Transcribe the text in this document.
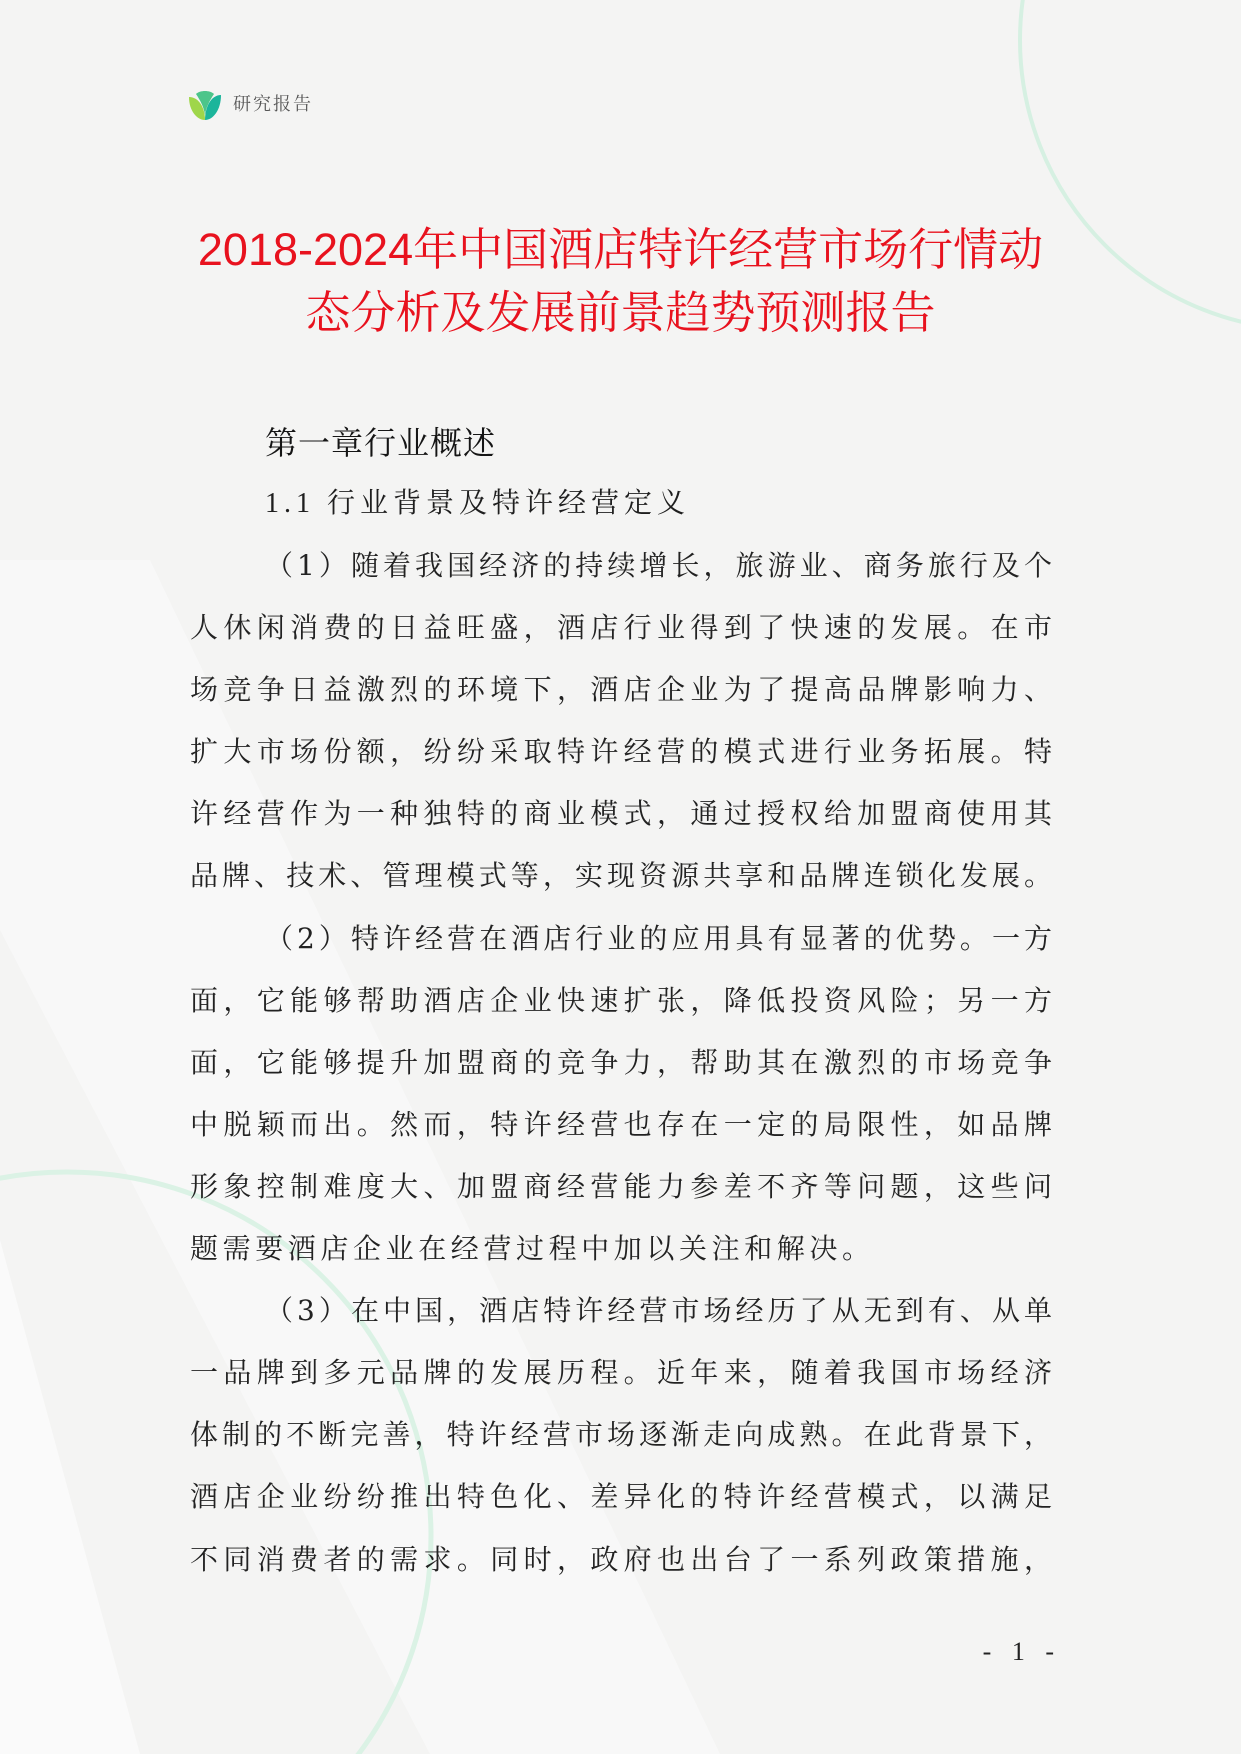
研究报告
2018-2024年中国酒店特许经营市场行情动
态分析及发展前景趋势预测报告
第一章行业概述
1.1 行业背景及特许经营定义
（1）随着我国经济的持续增长，旅游业、商务旅行及个
人休闲消费的日益旺盛，酒店行业得到了快速的发展。在市
场竞争日益激烈的环境下，酒店企业为了提高品牌影响力、
扩大市场份额，纷纷采取特许经营的模式进行业务拓展。特
许经营作为一种独特的商业模式，通过授权给加盟商使用其
品牌、技术、管理模式等，实现资源共享和品牌连锁化发展。
（2）特许经营在酒店行业的应用具有显著的优势。一方
面，它能够帮助酒店企业快速扩张，降低投资风险；另一方
面，它能够提升加盟商的竞争力，帮助其在激烈的市场竞争
中脱颖而出。然而，特许经营也存在一定的局限性，如品牌
形象控制难度大、加盟商经营能力参差不齐等问题，这些问
题需要酒店企业在经营过程中加以关注和解决。
（3）在中国，酒店特许经营市场经历了从无到有、从单
一品牌到多元品牌的发展历程。近年来，随着我国市场经济
体制的不断完善，特许经营市场逐渐走向成熟。在此背景下，
酒店企业纷纷推出特色化、差异化的特许经营模式，以满足
不同消费者的需求。同时，政府也出台了一系列政策措施，
- 1 -
